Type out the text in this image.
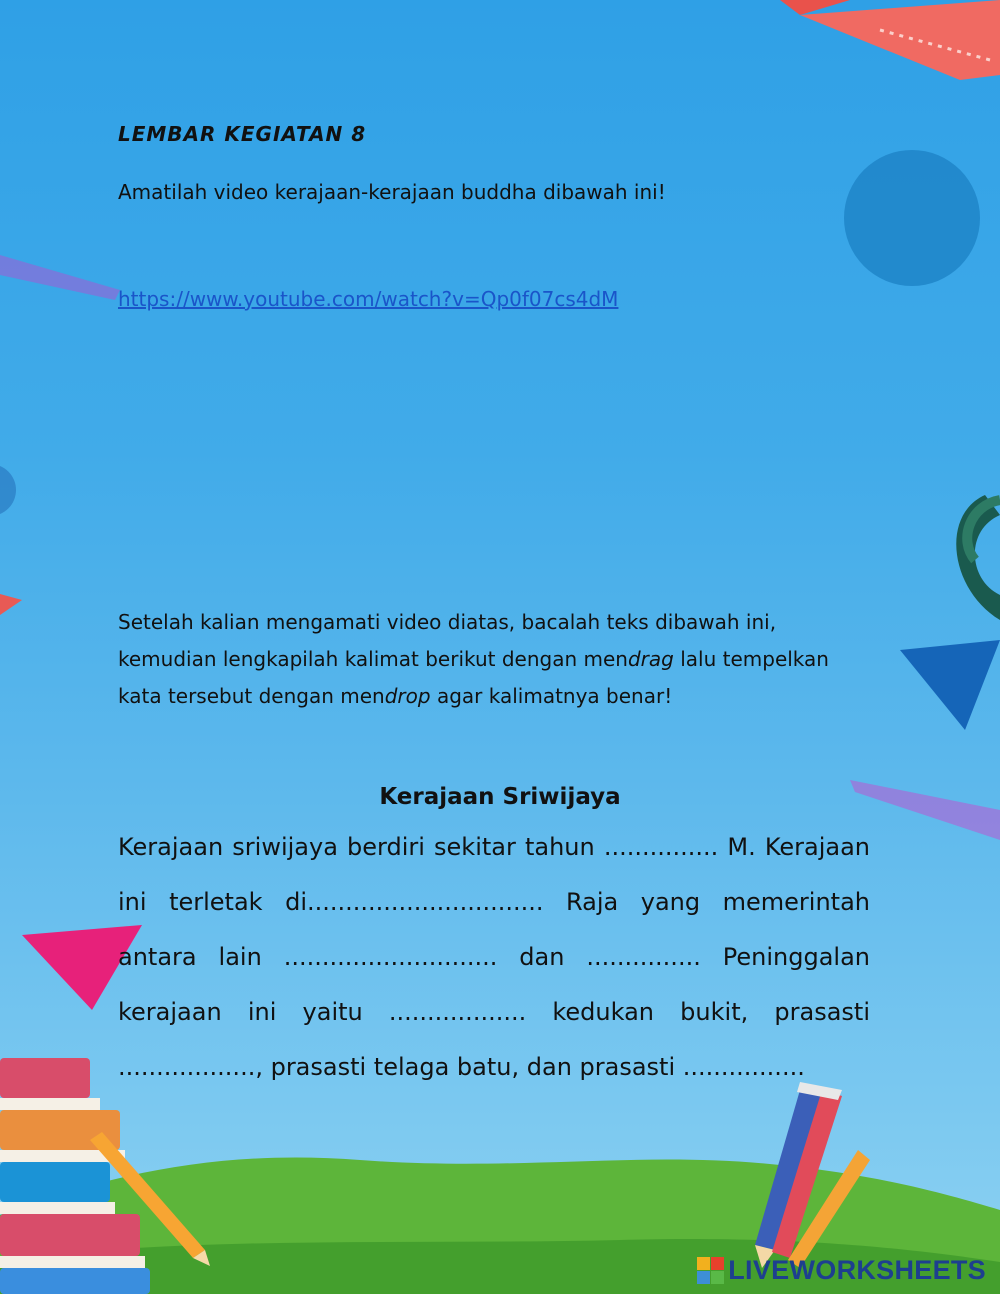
LEMBAR KEGIATAN 8
Amatilah video kerajaan-kerajaan buddha dibawah ini!
https://www.youtube.com/watch?v=Qp0f07cs4dM
Setelah kalian mengamati video diatas, bacalah teks dibawah ini, kemudian lengkapilah kalimat berikut dengan mendrag lalu tempelkan kata tersebut dengan mendrop agar kalimatnya benar!
Kerajaan Sriwijaya
Kerajaan sriwijaya berdiri sekitar tahun ............... M. Kerajaan ini terletak di............................... Raja yang memerintah antara lain ............................ dan ............... Peninggalan kerajaan ini yaitu .................. kedukan bukit, prasasti .................., prasasti telaga batu, dan prasasti ................
LIVEWORKSHEETS
